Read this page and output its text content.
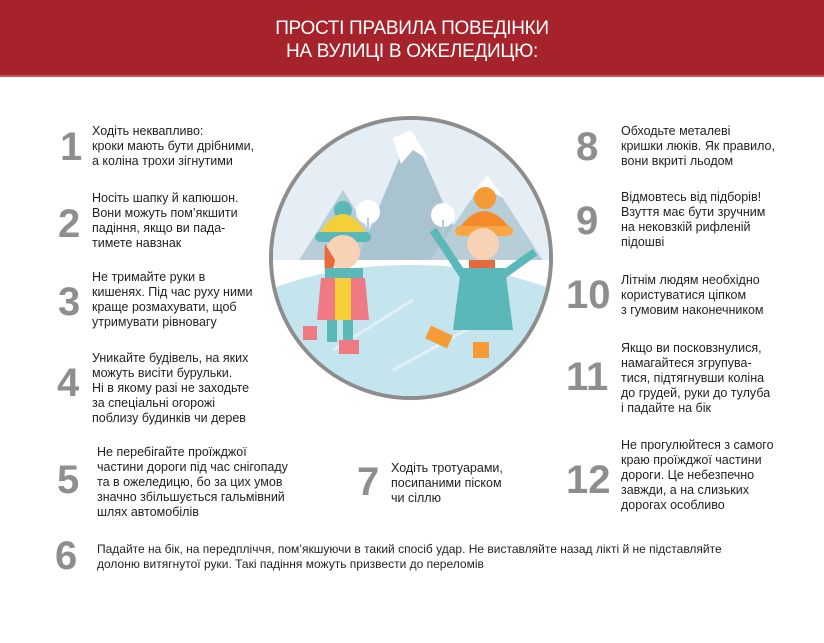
ПРОСТІ ПРАВИЛА ПОВЕДІНКИ
НА ВУЛИЦІ В ОЖЕЛЕДИЦЮ:
1 Ходіть неквапливо:
кроки мають бути дрібними,
а коліна трохи зігнутими
2
Носіть шапку й капюшон.
Вони можуть пом’якшити
падіння, якщо ви пада-
тимете навзнак
3
Не тримайте руки в
кишенях. Під час руху ними
краще розмахувати, щоб
утримувати рівновагу
4
Уникайте будівель, на яких
можуть висіти бурульки.
Ні в якому разі не заходьте
за спеціальні огорожі
поблизу будинків чи дерев
5
Не перебігайте проїжджої
частини дороги під час снігопаду
та в ожеледицю, бо за цих умов
значно збільшується гальмівний
шлях автомобілів
6 Падайте на бік, на передпліччя, пом’якшуючи в такий спосіб удар. Не виставляйте назад лікті й не підставляйте
долоню витягнутої руки. Такі падіння можуть призвести до переломів
7 Ходіть тротуарами,
посипаними піском
чи сіллю
8 Обходьте металеві
кришки люків. Як правило,
вони вкриті льодом
9
Відмовтесь від підборів!
Взуття має бути зручним
на нековзкій рифленій
підошві
10 Літнім людям необхідно
користуватися ціпком
з гумовим наконечником
11
Якщо ви посковзнулися,
намагайтеся згрупува-
тися, підтягнувши коліна
до грудей, руки до тулуба
і падайте на бік
12
Не прогулюйтеся з самого
краю проїжджої частини
дороги. Це небезпечно
завжди, а на слизьких
дорогах особливо
